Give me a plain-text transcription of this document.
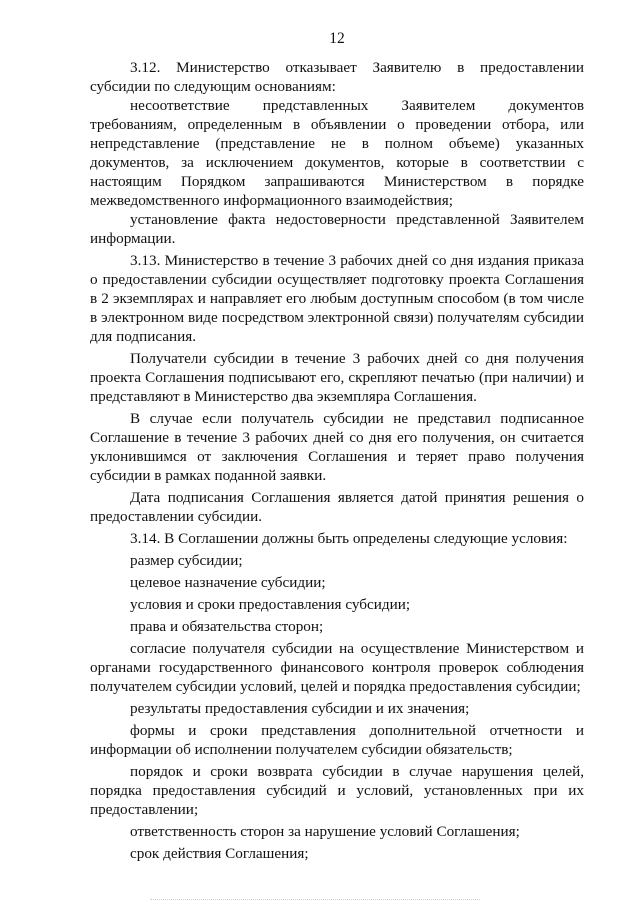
12

3.12. Министерство отказывает Заявителю в предоставлении субсидии по следующим основаниям:

несоответствие представленных Заявителем документов требованиям, определенным в объявлении о проведении отбора, или непредставление (представление не в полном объеме) указанных документов, за исключением документов, которые в соответствии с настоящим Порядком запрашиваются Министерством в порядке межведомственного информационного взаимодействия;

установление факта недостоверности представленной Заявителем информации.

3.13. Министерство в течение 3 рабочих дней со дня издания приказа о предоставлении субсидии осуществляет подготовку проекта Соглашения в 2 экземплярах и направляет его любым доступным способом (в том числе в электронном виде посредством электронной связи) получателям субсидии для подписания.

Получатели субсидии в течение 3 рабочих дней со дня получения проекта Соглашения подписывают его, скрепляют печатью (при наличии) и представляют в Министерство два экземпляра Соглашения.

В случае если получатель субсидии не представил подписанное Соглашение в течение 3 рабочих дней со дня его получения, он считается уклонившимся от заключения Соглашения и теряет право получения субсидии в рамках поданной заявки.

Дата подписания Соглашения является датой принятия решения о предоставлении субсидии.

3.14. В Соглашении должны быть определены следующие условия:

размер субсидии;

целевое назначение субсидии;

условия и сроки предоставления субсидии;

права и обязательства сторон;

согласие получателя субсидии на осуществление Министерством и органами государственного финансового контроля проверок соблюдения получателем субсидии условий, целей и порядка предоставления субсидии;

результаты предоставления субсидии и их значения;

формы и сроки представления дополнительной отчетности и информации об исполнении получателем субсидии обязательств;

порядок и сроки возврата субсидии в случае нарушения целей, порядка предоставления субсидий и условий, установленных при их предоставлении;

ответственность сторон за нарушение условий Соглашения;

срок действия Соглашения;
